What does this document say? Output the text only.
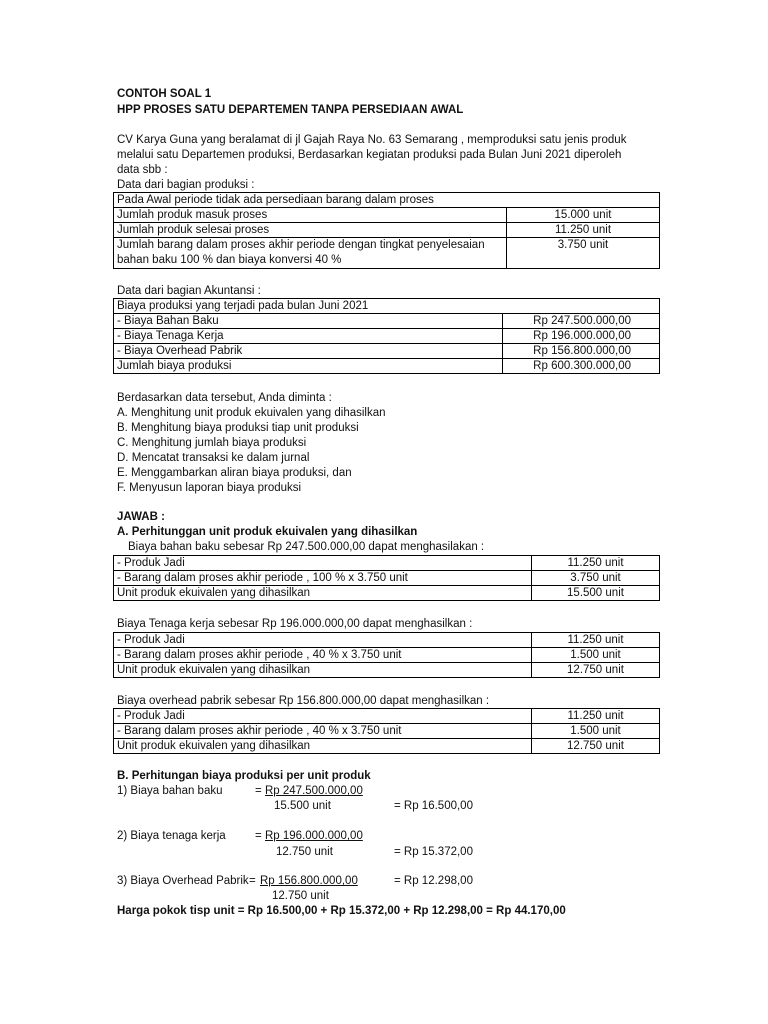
CONTOH SOAL 1
HPP PROSES SATU DEPARTEMEN TANPA PERSEDIAAN AWAL
CV Karya Guna yang beralamat di jl Gajah Raya No. 63 Semarang , memproduksi satu jenis produk
melalui satu Departemen produksi, Berdasarkan kegiatan produksi pada Bulan Juni 2021 diperoleh
data sbb :
Data dari bagian produksi :
Pada Awal periode tidak ada persediaan barang dalam proses	
Jumlah produk masuk proses	15.000 unit
Jumlah produk selesai proses	11.250 unit

Jumlah barang dalam proses akhir periode dengan tingkat penyelesaian
bahan baku 100 % dan biaya konversi 40 %	3.750 unit
Data dari bagian Akuntansi :
Biaya produksi yang terjadi pada bulan Juni 2021	
- Biaya Bahan Baku	Rp 247.500.000,00
- Biaya Tenaga Kerja	Rp 196.000.000,00
- Biaya Overhead Pabrik	Rp 156.800.000,00
Jumlah biaya produksi	Rp 600.300.000,00
Berdasarkan data tersebut, Anda diminta :
A. Menghitung unit produk ekuivalen yang dihasilkan
B. Menghitung biaya produksi tiap unit produksi
C. Menghitung jumlah biaya produksi
D. Mencatat transaksi ke dalam jurnal
E. Menggambarkan aliran biaya produksi, dan
F. Menyusun laporan biaya produksi
JAWAB :
A. Perhitunggan unit produk ekuivalen yang dihasilkan
Biaya bahan baku sebesar Rp 247.500.000,00 dapat menghasilakan :
- Produk Jadi	11.250 unit
- Barang dalam proses akhir periode , 100 % x 3.750 unit	3.750 unit
Unit produk ekuivalen yang dihasilkan	15.500 unit
Biaya Tenaga kerja sebesar Rp 196.000.000,00 dapat menghasilkan :
- Produk Jadi	11.250 unit
- Barang dalam proses akhir periode , 40 % x 3.750 unit	1.500 unit
Unit produk ekuivalen yang dihasilkan	12.750 unit
Biaya overhead pabrik sebesar Rp 156.800.000,00 dapat menghasilkan :
- Produk Jadi	11.250 unit
- Barang dalam proses akhir periode , 40 % x 3.750 unit	1.500 unit
Unit produk ekuivalen yang dihasilkan	12.750 unit
B. Perhitungan biaya produksi per unit produk
1) Biaya bahan baku	= Rp 247.500.000,00
15.500 unit	= Rp 16.500,00
2) Biaya tenaga kerja	= Rp 196.000.000,00
12.750 unit	= Rp 15.372,00
3) Biaya Overhead Pabrik = Rp 156.800.000,00	= Rp 12.298,00
12.750 unit
Harga pokok tisp unit = Rp 16.500,00 + Rp 15.372,00 + Rp 12.298,00 = Rp 44.170,00
